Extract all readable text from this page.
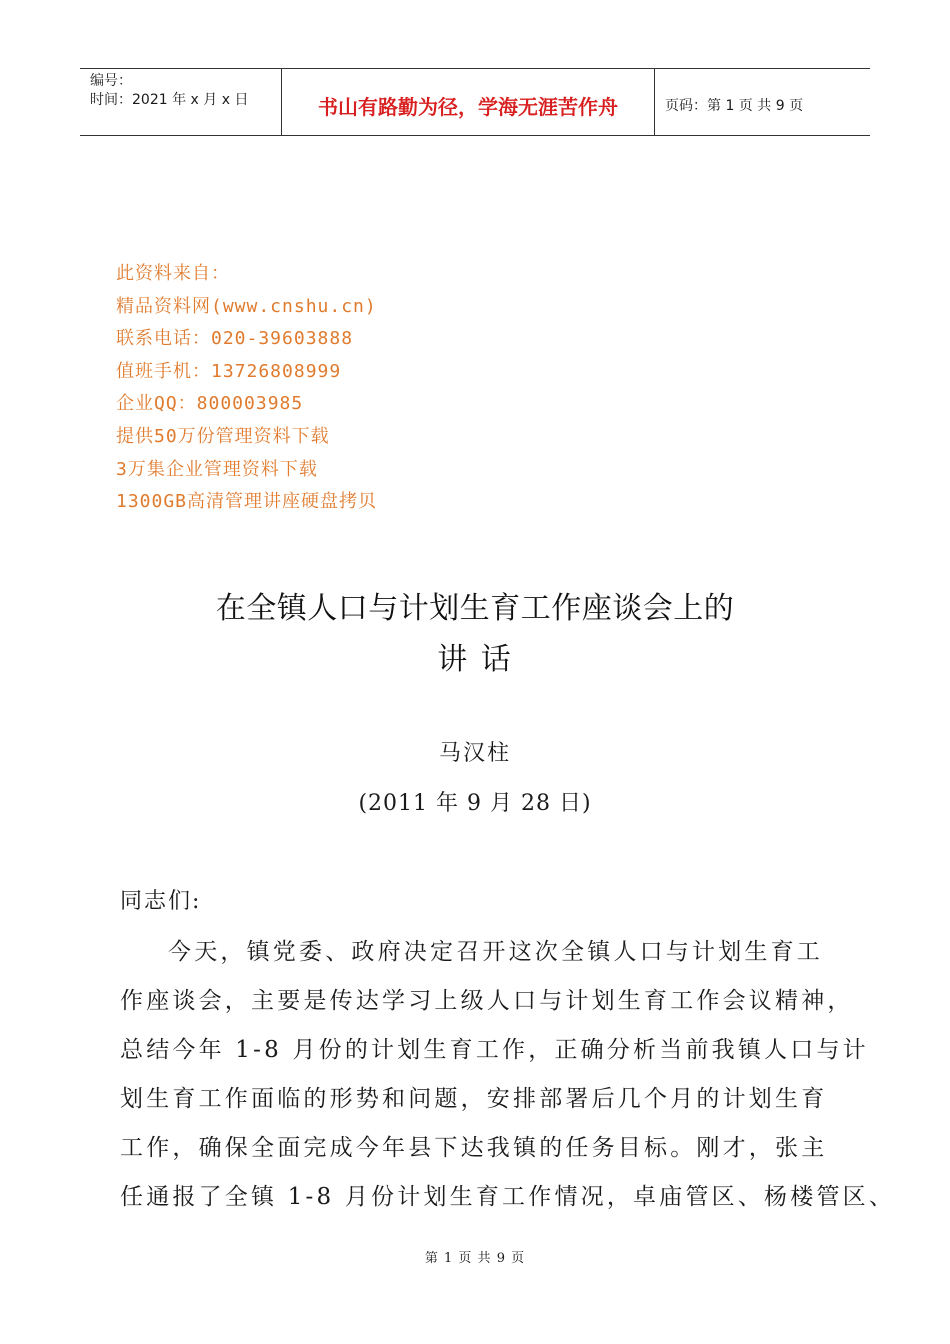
编号：
时间：2021 年 x 月 x 日	书山有路勤为径，学海无涯苦作舟	页码：第 1 页 共 9 页
此资料来自：
精品资料网(www.cnshu.cn)
联系电话：020-39603888
值班手机：13726808999
企业QQ：800003985
提供50万份管理资料下载
3万集企业管理资料下载
1300GB高清管理讲座硬盘拷贝
在全镇人口与计划生育工作座谈会上的
讲 话
马汉柱
(2011 年 9 月 28 日)
同志们:
今天，镇党委、政府决定召开这次全镇人口与计划生育工
作座谈会，主要是传达学习上级人口与计划生育工作会议精神，
总结今年 1-8 月份的计划生育工作，正确分析当前我镇人口与计
划生育工作面临的形势和问题，安排部署后几个月的计划生育
工作，确保全面完成今年县下达我镇的任务目标。刚才，张主
任通报了全镇 1-8 月份计划生育工作情况，卓庙管区、杨楼管区、
第 1 页 共 9 页
